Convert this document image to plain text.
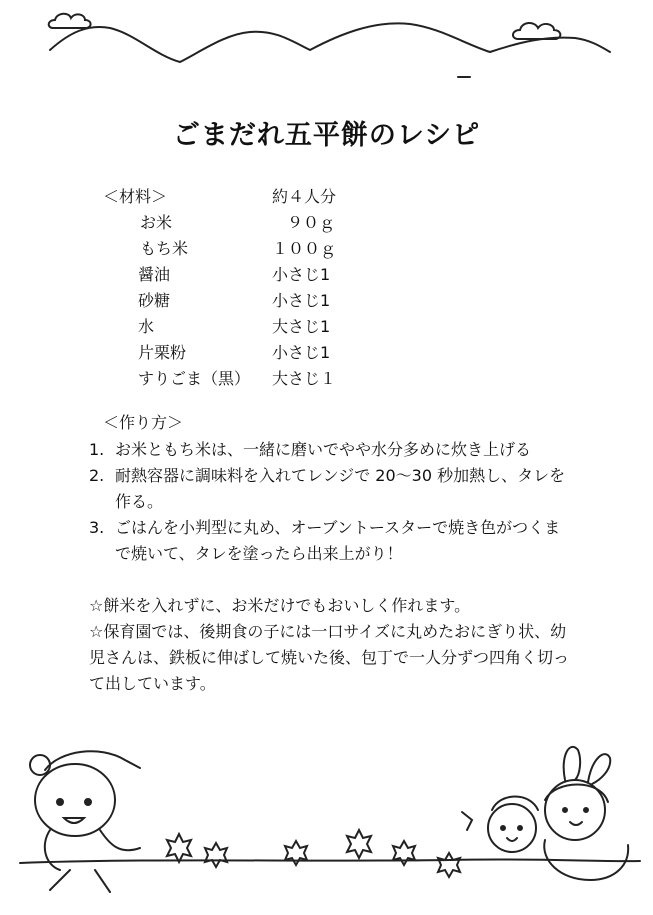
ごまだれ五平餅のレシピ
＜材料＞	約４人分
お米	９０ｇ
もち米	１００ｇ
醤油	小さじ1
砂糖	小さじ1
水	大さじ1
片栗粉	小さじ1
すりごま（黒） 大さじ１
＜作り方＞
1. お米ともち米は、一緒に磨いでやや水分多めに炊き上げる
2. 耐熱容器に調味料を入れてレンジで 20～30 秒加熱し、タレを作る。
3. ごはんを小判型に丸め、オーブントースターで焼き色がつくまで焼いて、タレを塗ったら出来上がり！
☆餅米を入れずに、お米だけでもおいしく作れます。
☆保育園では、後期食の子には一口サイズに丸めたおにぎり状、幼児さんは、鉄板に伸ばして焼いた後、包丁で一人分ずつ四角く切って出しています。
